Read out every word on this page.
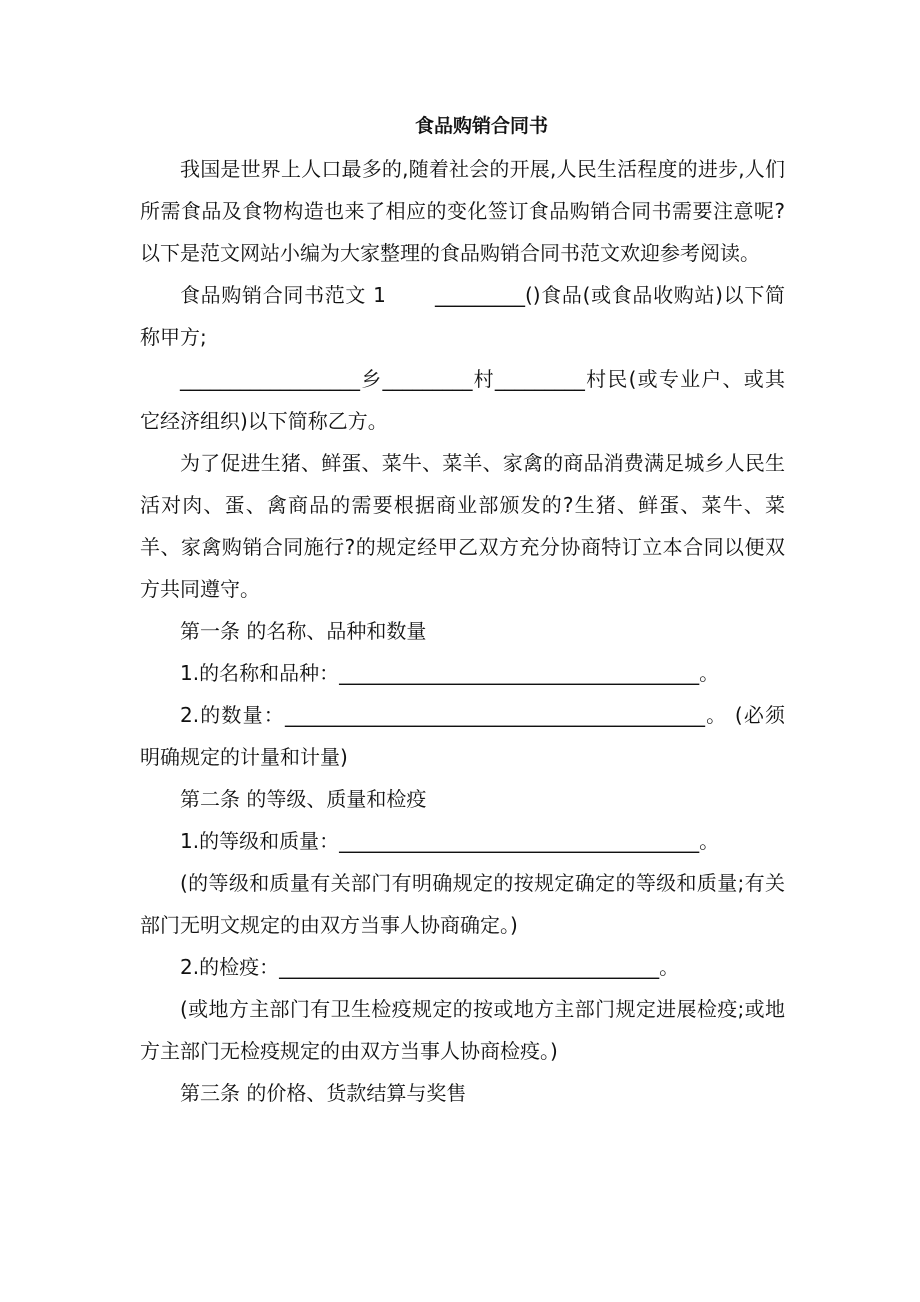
食品购销合同书

我国是世界上人口最多的,随着社会的开展,人民生活程度的进步,人们所需食品及食物构造也来了相应的变化签订食品购销合同书需要注意呢?以下是范文网站小编为大家整理的食品购销合同书范文欢迎参考阅读。

食品购销合同书范文 1　　 _________()食品(或食品收购站)以下简称甲方;

__________________乡_________村_________村民(或专业户、或其它经济组织)以下简称乙方。

为了促进生猪、鲜蛋、菜牛、菜羊、家禽的商品消费满足城乡人民生活对肉、蛋、禽商品的需要根据商业部颁发的?生猪、鲜蛋、菜牛、菜羊、家禽购销合同施行?的规定经甲乙双方充分协商特订立本合同以便双方共同遵守。

第一条 的名称、品种和数量

1.的名称和品种：____________________________________。

2.的数量：__________________________________________。 (必须明确规定的计量和计量)

第二条 的等级、质量和检疫

1.的等级和质量：____________________________________。

(的等级和质量有关部门有明确规定的按规定确定的等级和质量;有关部门无明文规定的由双方当事人协商确定。)

2.的检疫：______________________________________。

(或地方主部门有卫生检疫规定的按或地方主部门规定进展检疫;或地方主部门无检疫规定的由双方当事人协商检疫。)

第三条 的价格、货款结算与奖售
